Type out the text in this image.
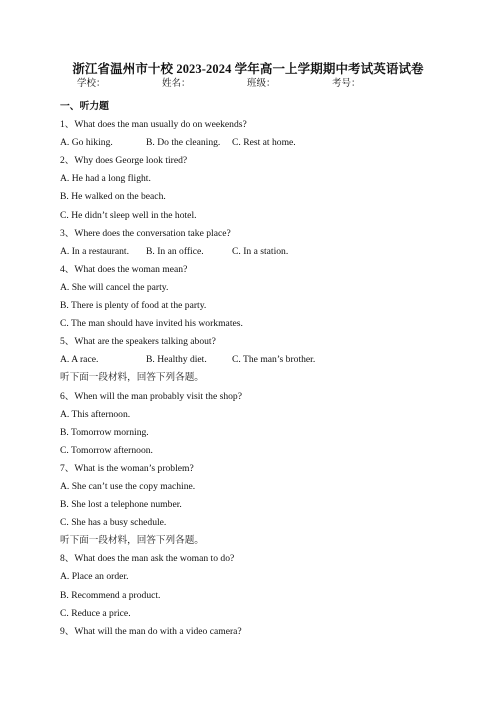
浙江省温州市十校 2023-2024 学年高一上学期期中考试英语试卷
学校：	姓名：	班级：	考号：
一、听力题
1、What does the man usually do on weekends?
A. Go hiking.	B. Do the cleaning. C. Rest at home.
2、Why does George look tired?
A. He had a long flight.
B. He walked on the beach.
C. He didn’t sleep well in the hotel.
3、Where does the conversation take place?
A. In a restaurant. B. In an office.	C. In a station.
4、What does the woman mean?
A. She will cancel the party.
B. There is plenty of food at the party.
C. The man should have invited his workmates.
5、What are the speakers talking about?
A. A race.	B. Healthy diet.	C. The man’s brother.
听下面一段材料，回答下列各题。
6、When will the man probably visit the shop?
A. This afternoon.
B. Tomorrow morning.
C. Tomorrow afternoon.
7、What is the woman’s problem?
A. She can’t use the copy machine.
B. She lost a telephone number.
C. She has a busy schedule.
听下面一段材料，回答下列各题。
8、What does the man ask the woman to do?
A. Place an order.
B. Recommend a product.
C. Reduce a price.
9、What will the man do with a video camera?
